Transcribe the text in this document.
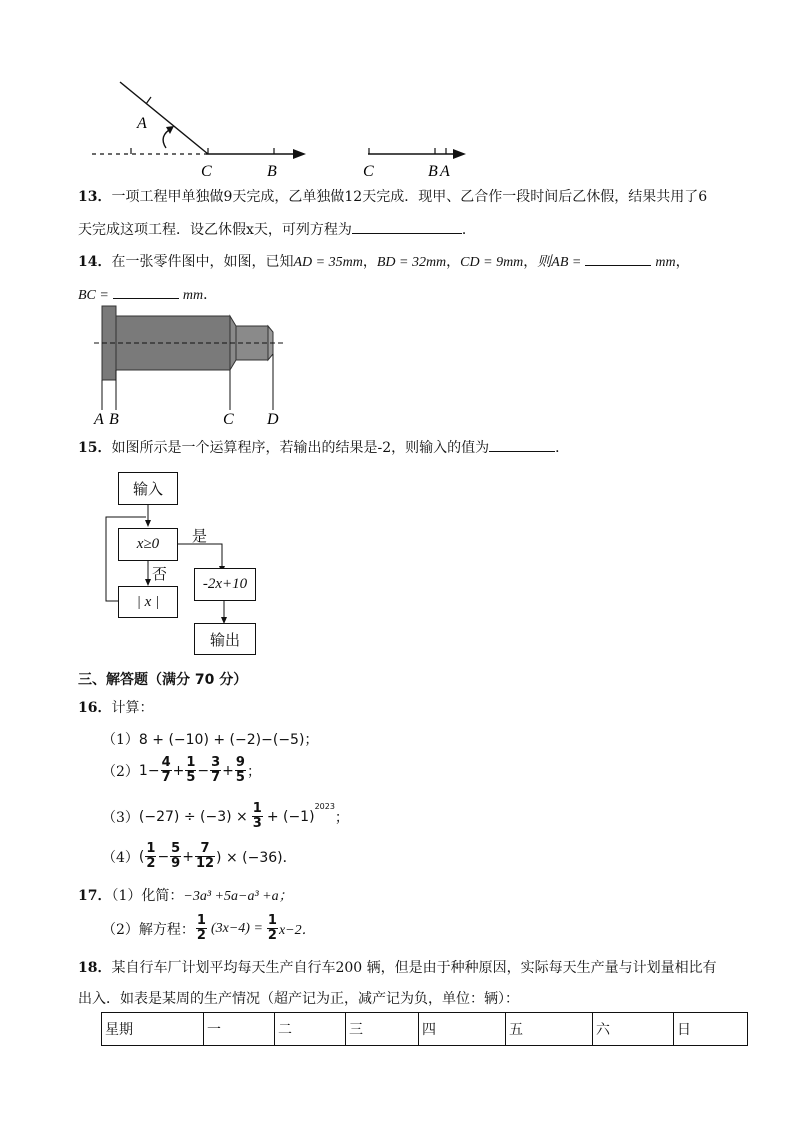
A
C	B	C	B A
13．一项工程甲单独做9天完成，乙单独做12天完成．现甲、乙合作一段时间后乙休假，结果共用了6
天完成这项工程．设乙休假x天，可列方程为	．
14．在一张零件图中，如图，已知AD = 35mm，BD = 32mm，CD = 9mm，则AB =	mm，
BC =	mm．
A B	C D
15．如图所示是一个运算程序，若输出的结果是-2，则输入的值为	．
输入
x≥0 是
否
| x |
-2x+10
输出
三、解答题（满分 70 分）
16．计算：
（1）8 + (−10) + (−2)−(−5)；
（2） $1- \frac{4}{7} + \frac{1}{5} - \frac{3}{7} + \frac{9}{5}$ ；
（3） $(-27) \div (-3) \times \frac{1}{3} + (-1)$
$^{2023}$
；
（4） ( $\frac{1}{2} - \frac{5}{9} + \frac{7}{12}$ ) × (−36)．
17．（1）化简：−3a³ +5a−a³ +a；
（2）解方程： $\frac{1}{2} (3x-4) = \frac{1}{2} x-2$．
18．某自行车厂计划平均每天生产自行车200 辆，但是由于种种原因，实际每天生产量与计划量相比有
出入．如表是某周的生产情况（超产记为正，减产记为负，单位：辆）：
星期	一	二	三	四	五	六	日
